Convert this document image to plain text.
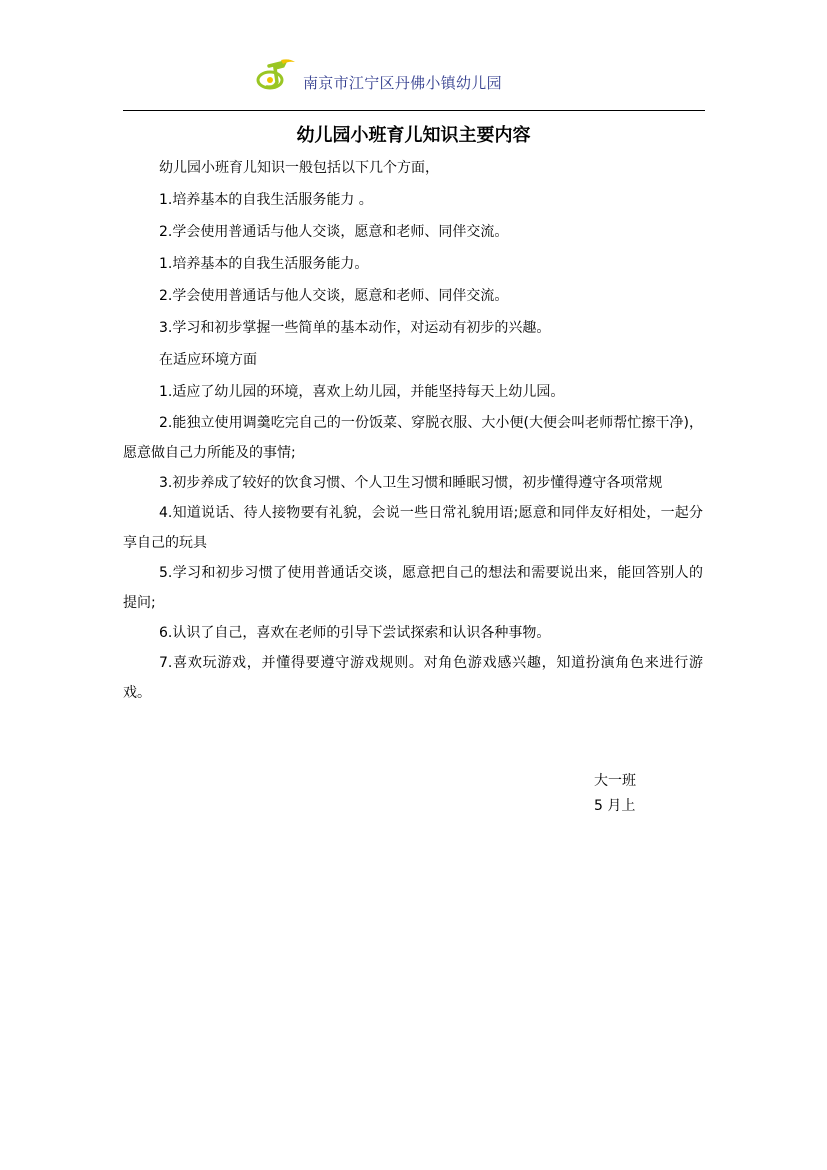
南京市江宁区丹佛小镇幼儿园
幼儿园小班育儿知识主要内容

幼儿园小班育儿知识一般包括以下几个方面，

1.培养基本的自我生活服务能力 。

2.学会使用普通话与他人交谈，愿意和老师、同伴交流。

1.培养基本的自我生活服务能力。

2.学会使用普通话与他人交谈，愿意和老师、同伴交流。

3.学习和初步掌握一些简单的基本动作，对运动有初步的兴趣。

在适应环境方面

1.适应了幼儿园的环境，喜欢上幼儿园，并能坚持每天上幼儿园。

2.能独立使用调羹吃完自己的一份饭菜、穿脱衣服、大小便(大便会叫老师帮忙擦干净)，愿意做自己力所能及的事情;

3.初步养成了较好的饮食习惯、个人卫生习惯和睡眠习惯，初步懂得遵守各项常规

4.知道说话、待人接物要有礼貌，会说一些日常礼貌用语;愿意和同伴友好相处，一起分享自己的玩具

5.学习和初步习惯了使用普通话交谈，愿意把自己的想法和需要说出来，能回答别人的提问;

6.认识了自己，喜欢在老师的引导下尝试探索和认识各种事物。

7.喜欢玩游戏，并懂得要遵守游戏规则。对角色游戏感兴趣，知道扮演角色来进行游戏。

大一班
5 月上
